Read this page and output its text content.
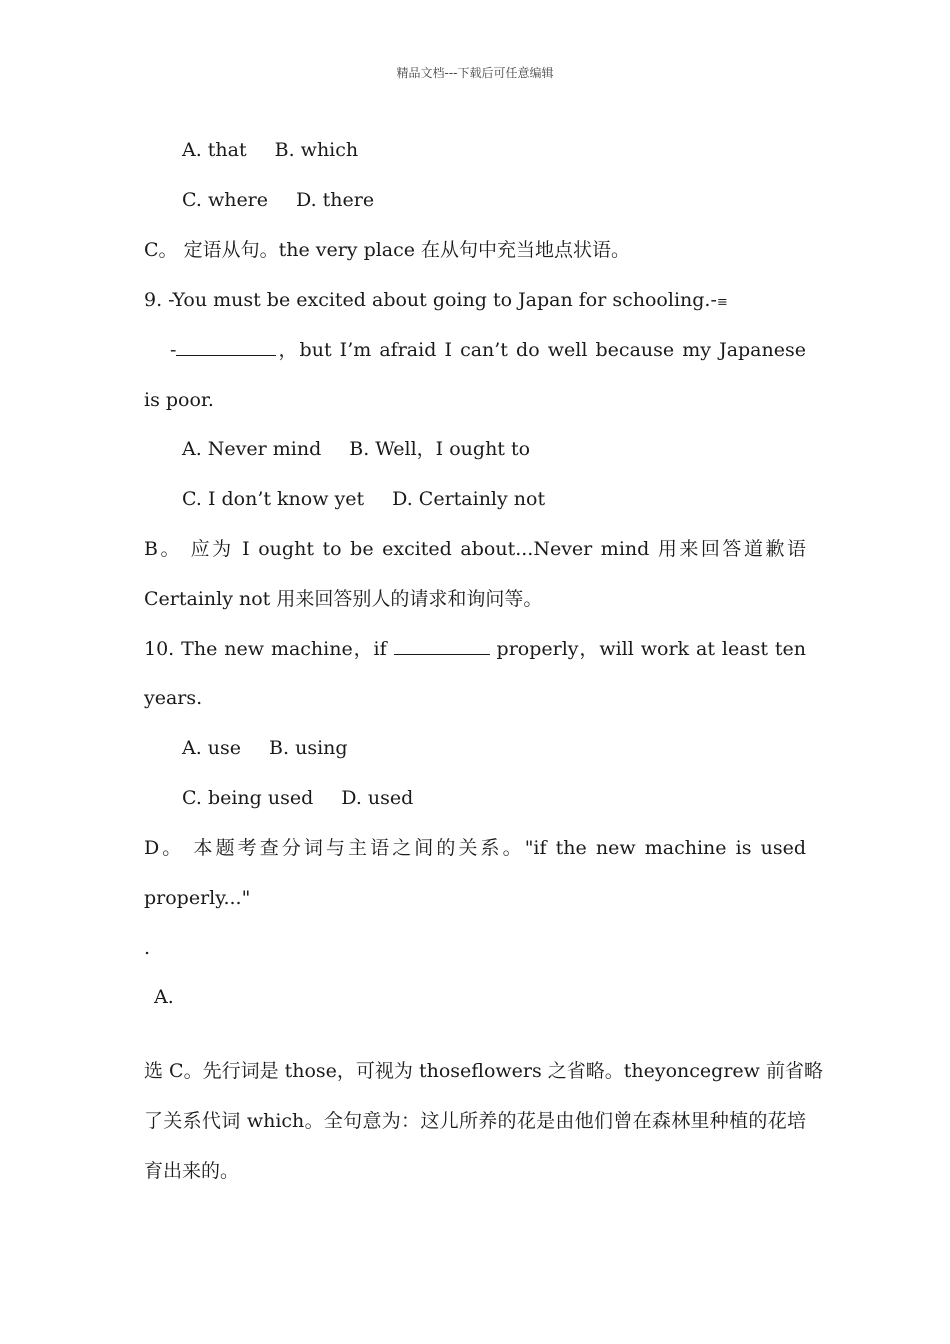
精品文档---下载后可任意编辑
A. that B. which
C. where D. there
C。 定语从句。the very place 在从句中充当地点状语。
9. -You must be excited about going to Japan for schooling.-≡
-	，but I’m afraid I can’t do well because my Japanese
is poor.
A. Never mind B. Well，I ought to
C. I don’t know yet D. Certainly not
B。 应为 I ought to be excited about...Never mind 用来回答道歉语
Certainly not 用来回答别人的请求和询问等。
10. The new machine，if	properly，will work at least ten
years.
A. use B. using
C. being used D. used
D。 本题考查分词与主语之间的关系。"if the new machine is used
properly..."
.
A.
选 C。先行词是 those，可视为 thoseflowers 之省略。theyoncegrew 前省略
了关系代词 which。全句意为：这儿所养的花是由他们曾在森林里种植的花培
育出来的。
